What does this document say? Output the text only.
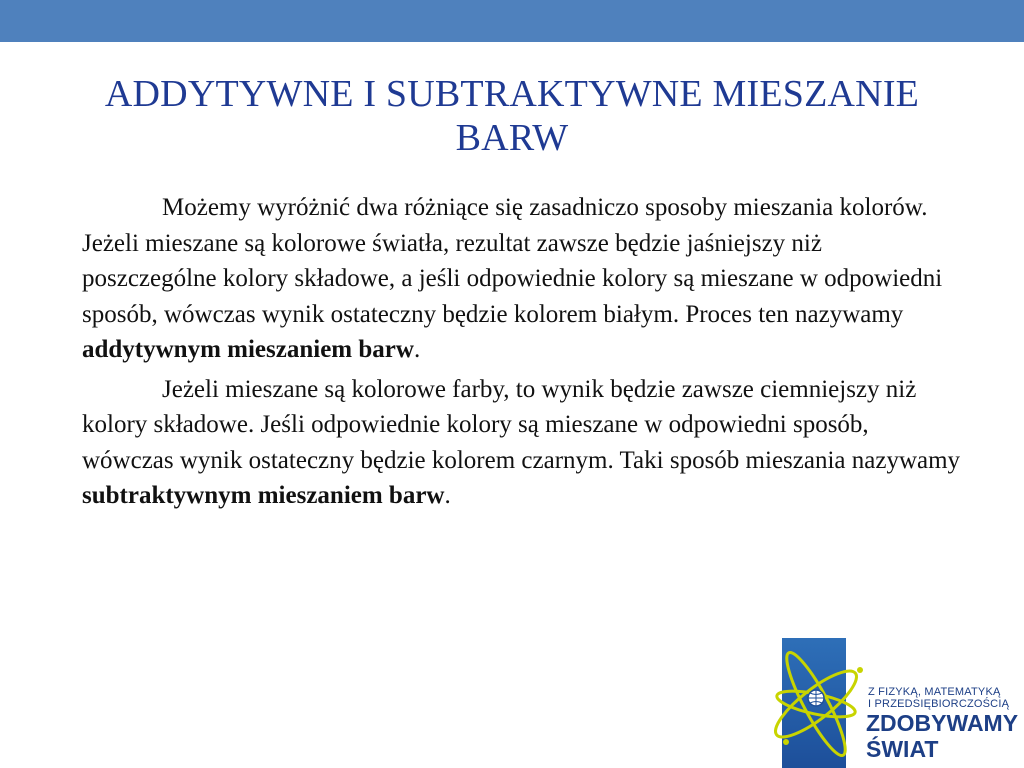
ADDYTYWNE I SUBTRAKTYWNE MIESZANIE
BARW

Możemy wyróżnić dwa różniące się zasadniczo sposoby mieszania kolorów. Jeżeli mieszane są kolorowe światła, rezultat zawsze będzie jaśniejszy niż poszczególne kolory składowe, a jeśli odpowiednie kolory są mieszane w odpowiedni sposób, wówczas wynik ostateczny będzie kolorem białym. Proces ten nazywamy addytywnym mieszaniem barw.

Jeżeli mieszane są kolorowe farby, to wynik będzie zawsze ciemniejszy niż kolory składowe. Jeśli odpowiednie kolory są mieszane w odpowiedni sposób, wówczas wynik ostateczny będzie kolorem czarnym. Taki sposób mieszania nazywamy subtraktywnym mieszaniem barw.

Z FIZYKĄ, MATEMATYKĄ
I PRZEDSIĘBIORCZOŚCIĄ
ZDOBYWAMY
ŚWIAT
